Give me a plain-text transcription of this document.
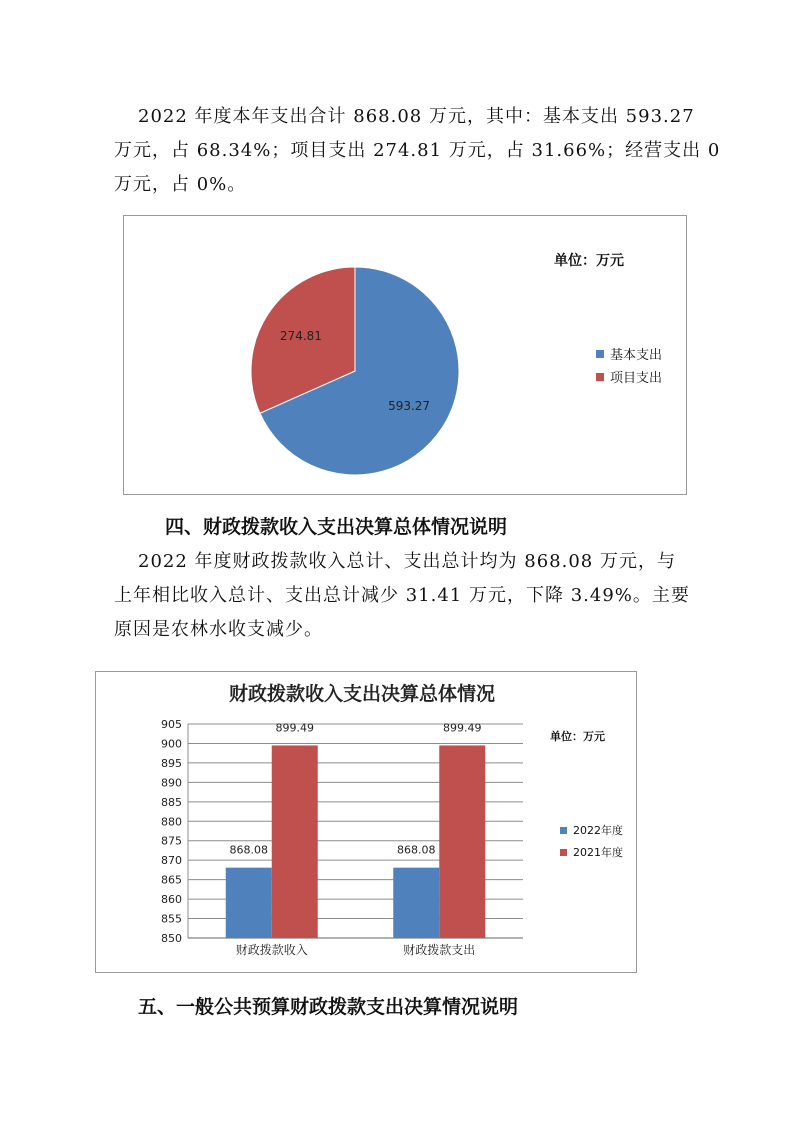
2022 年度本年支出合计 868.08 万元，其中：基本支出 593.27
万元，占 68.34%；项目支出 274.81 万元，占 31.66%；经营支出 0
万元，占 0%。
593.27
274.81
单位：万元
基本支出
项目支出
四、财政拨款收入支出决算总体情况说明
2022 年度财政拨款收入总计、支出总计均为 868.08 万元，与
上年相比收入总计、支出总计减少 31.41 万元，下降 3.49%。主要
原因是农林水收支减少。
财政拨款收入支出决算总体情况
850
855
860
865
870
875
880
885
890
895
900
905
868.08
899.49
财政拨款收入
868.08
899.49
财政拨款支出
单位：万元
2022年度
2021年度
五、一般公共预算财政拨款支出决算情况说明
